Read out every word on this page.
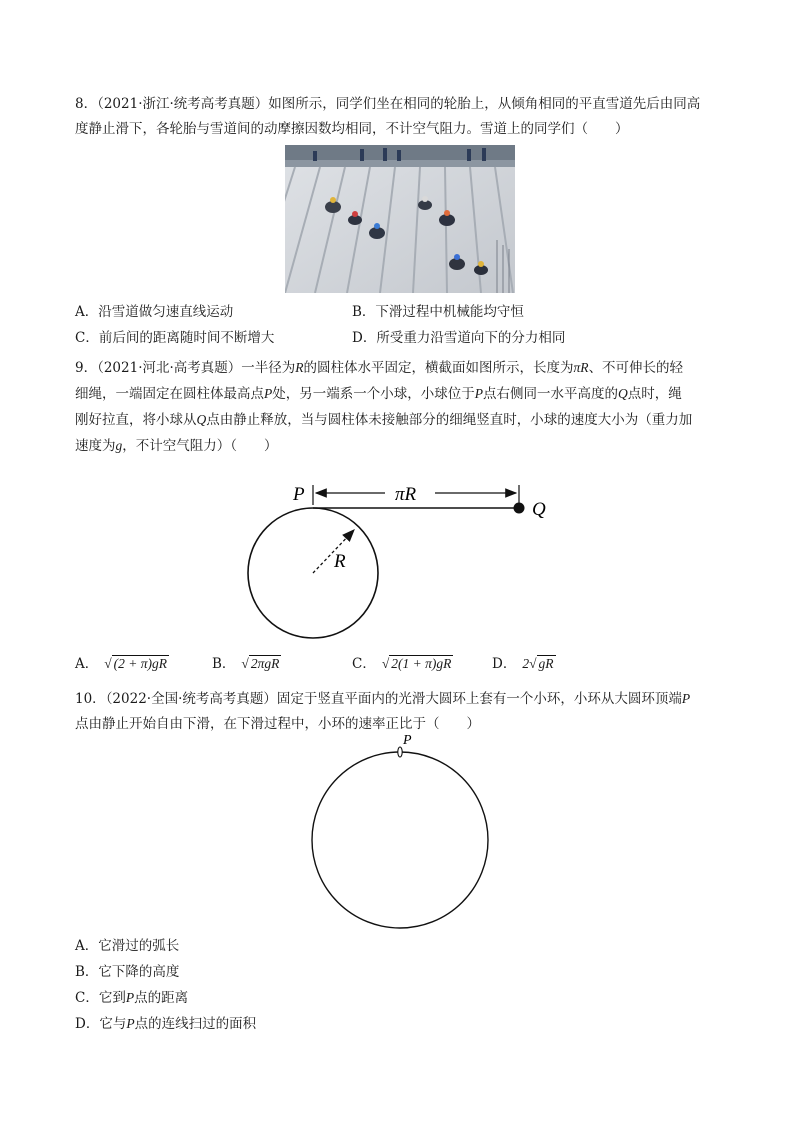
8．（2021·浙江·统考高考真题）如图所示，同学们坐在相同的轮胎上，从倾角相同的平直雪道先后由同高
度静止滑下，各轮胎与雪道间的动摩擦因数均相同，不计空气阻力。雪道上的同学们（　　）
A．沿雪道做匀速直线运动	B．下滑过程中机械能均守恒
C．前后间的距离随时间不断增大	D．所受重力沿雪道向下的分力相同
9．（2021·河北·高考真题）一半径为R的圆柱体水平固定，横截面如图所示，长度为πR、不可伸长的轻
细绳，一端固定在圆柱体最高点P处，另一端系一个小球，小球位于P点右侧同一水平高度的Q点时，绳
刚好拉直，将小球从Q点由静止释放，当与圆柱体未接触部分的细绳竖直时，小球的速度大小为（重力加
速度为g，不计空气阻力）（　　）
πR
P
Q
R
A． √ (2 + π)gR	B． √ 2πgR	C． √ 2(1 + π)gR	D． 2√ gR
10．（2022·全国·统考高考真题）固定于竖直平面内的光滑大圆环上套有一个小环，小环从大圆环顶端P
点由静止开始自由下滑，在下滑过程中，小环的速率正比于（　　）
P
A．它滑过的弧长
B．它下降的高度
C．它到P点的距离
D．它与P点的连线扫过的面积
